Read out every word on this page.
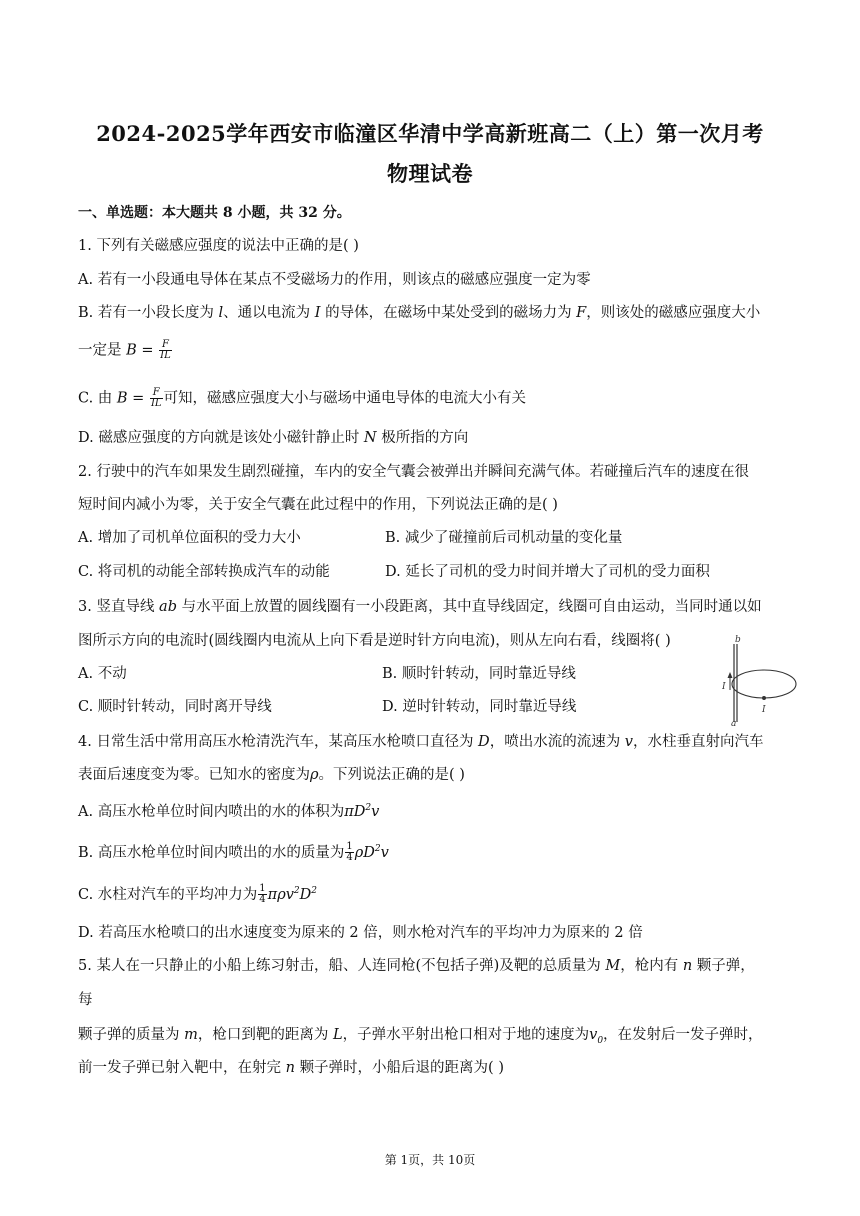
2024-2025学年西安市临潼区华清中学高新班高二（上）第一次月考
物理试卷
一、单选题：本大题共 8 小题，共 32 分。
1. 下列有关磁感应强度的说法中正确的是( )
A. 若有一小段通电导体在某点不受磁场力的作用，则该点的磁感应强度一定为零
B. 若有一小段长度为 l、通以电流为 I 的导体，在磁场中某处受到的磁场力为 F，则该处的磁感应强度大小
一定是 $B = \frac{F}{IL}$
C. 由 $B = \frac{F}{IL}$ 可知，磁感应强度大小与磁场中通电导体的电流大小有关
D. 磁感应强度的方向就是该处小磁针静止时 N 极所指的方向
2. 行驶中的汽车如果发生剧烈碰撞，车内的安全气囊会被弹出并瞬间充满气体。若碰撞后汽车的速度在很
短时间内减小为零，关于安全气囊在此过程中的作用，下列说法正确的是( )
A. 增加了司机单位面积的受力大小	B. 减少了碰撞前后司机动量的变化量
C. 将司机的动能全部转换成汽车的动能	D. 延长了司机的受力时间并增大了司机的受力面积
3. 竖直导线 ab 与水平面上放置的圆线圈有一小段距离，其中直导线固定，线圈可自由运动，当同时通以如
图所示方向的电流时(圆线圈内电流从上向下看是逆时针方向电流)，则从左向右看，线圈将( )
A. 不动	B. 顺时针转动，同时靠近导线
C. 顺时针转动，同时离开导线	D. 逆时针转动，同时靠近导线
b
a
I
I
4. 日常生活中常用高压水枪清洗汽车，某高压水枪喷口直径为 D，喷出水流的流速为 v，水柱垂直射向汽车
表面后速度变为零。已知水的密度为ρ。下列说法正确的是( )
A. 高压水枪单位时间内喷出的水的体积为$\pi D^2v$
B. 高压水枪单位时间内喷出的水的质量为 $\frac{1}{4} \rho D^2v$
C. 水柱对汽车的平均冲力为 $\frac{1}{4} \pi\rho v^2D^2$
D. 若高压水枪喷口的出水速度变为原来的 2 倍，则水枪对汽车的平均冲力为原来的 2 倍
5. 某人在一只静止的小船上练习射击，船、人连同枪(不包括子弹)及靶的总质量为 M，枪内有 n 颗子弹，
每
颗子弹的质量为 m，枪口到靶的距离为 L，子弹水平射出枪口相对于地的速度为$v_0$，在发射后一发子弹时，
前一发子弹已射入靶中，在射完 n 颗子弹时，小船后退的距离为( )
第 1页，共 10页
